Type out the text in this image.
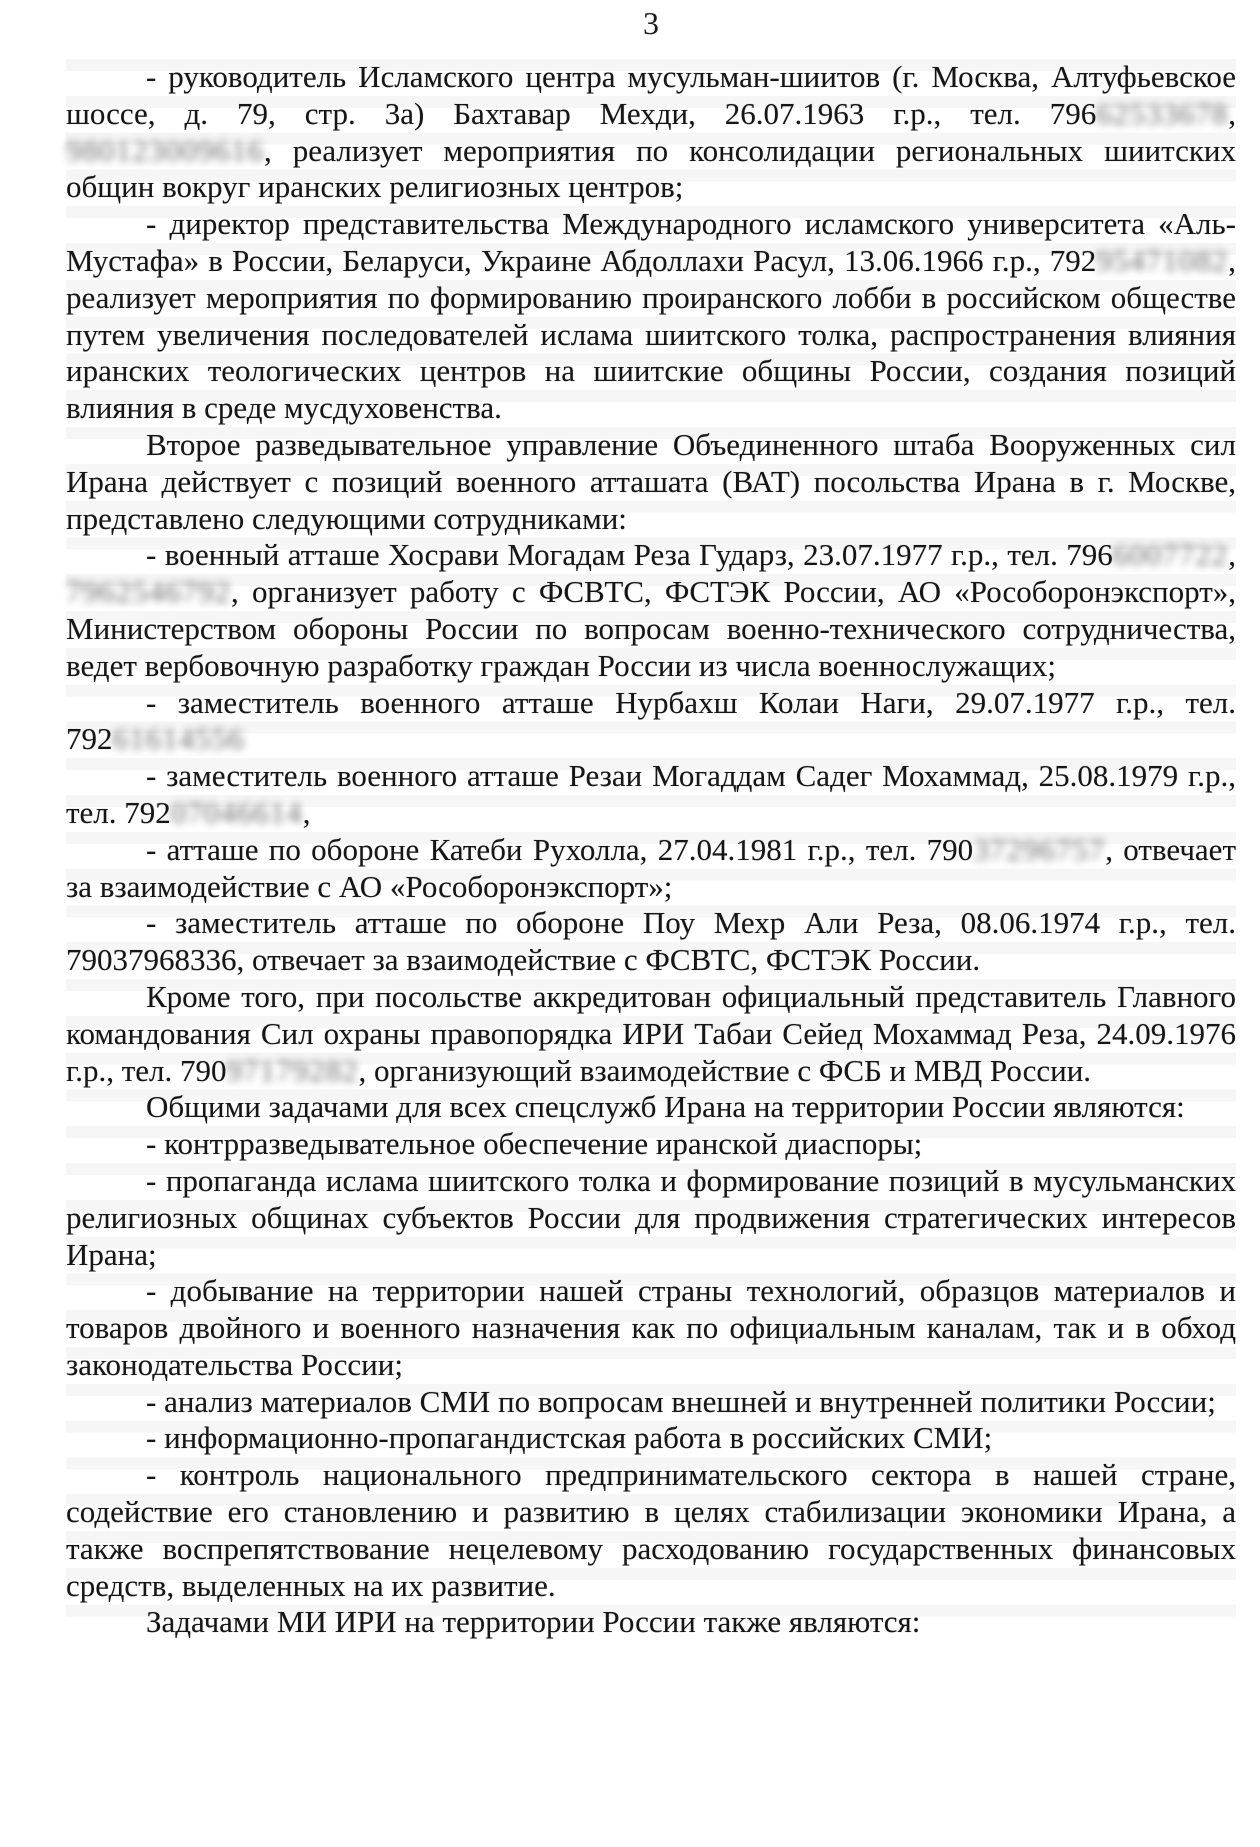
3

- руководитель Исламского центра мусульман-шиитов (г. Москва, Алтуфьевское шоссе, д. 79, стр. 3а) Бахтавар Мехди, 26.07.1963 г.р., тел. 79662533678, 980123009616, реализует мероприятия по консолидации региональных шиитских общин вокруг иранских религиозных центров;

- директор представительства Международного исламского университета «Аль-Мустафа» в России, Беларуси, Украине Абдоллахи Расул, 13.06.1966 г.р., 79295471082, реализует мероприятия по формированию проиранского лобби в российском обществе путем увеличения последователей ислама шиитского толка, распространения влияния иранских теологических центров на шиитские общины России, создания позиций влияния в среде мусдуховенства.

Второе разведывательное управление Объединенного штаба Вооруженных сил Ирана действует с позиций военного атташата (ВАТ) посольства Ирана в г. Москве, представлено следующими сотрудниками:

- военный атташе Хосрави Могадам Реза Гударз, 23.07.1977 г.р., тел. 7966007722, 7962546792, организует работу с ФСВТС, ФСТЭК России, АО «Рособоронэкспорт», Министерством обороны России по вопросам военно-технического сотрудничества, ведет вербовочную разработку граждан России из числа военнослужащих;

- заместитель военного атташе Нурбахш Колаи Наги, 29.07.1977 г.р., тел. 79261614556

- заместитель военного атташе Резаи Могаддам Садег Мохаммад, 25.08.1979 г.р., тел. 79207046614,

- атташе по обороне Катеби Рухолла, 27.04.1981 г.р., тел. 79037296757, отвечает за взаимодействие с АО «Рособоронэкспорт»;

- заместитель атташе по обороне Поу Мехр Али Реза, 08.06.1974 г.р., тел. 79037968336, отвечает за взаимодействие с ФСВТС, ФСТЭК России.

Кроме того, при посольстве аккредитован официальный представитель Главного командования Сил охраны правопорядка ИРИ Табаи Сейед Мохаммад Реза, 24.09.1976 г.р., тел. 79097179282, организующий взаимодействие с ФСБ и МВД России.

Общими задачами для всех спецслужб Ирана на территории России являются:

- контрразведывательное обеспечение иранской диаспоры;

- пропаганда ислама шиитского толка и формирование позиций в мусульманских религиозных общинах субъектов России для продвижения стратегических интересов Ирана;

- добывание на территории нашей страны технологий, образцов материалов и товаров двойного и военного назначения как по официальным каналам, так и в обход законодательства России;

- анализ материалов СМИ по вопросам внешней и внутренней политики России;

- информационно-пропагандистская работа в российских СМИ;

- контроль национального предпринимательского сектора в нашей стране, содействие его становлению и развитию в целях стабилизации экономики Ирана, а также воспрепятствование нецелевому расходованию государственных финансовых средств, выделенных на их развитие.

Задачами МИ ИРИ на территории России также являются:
